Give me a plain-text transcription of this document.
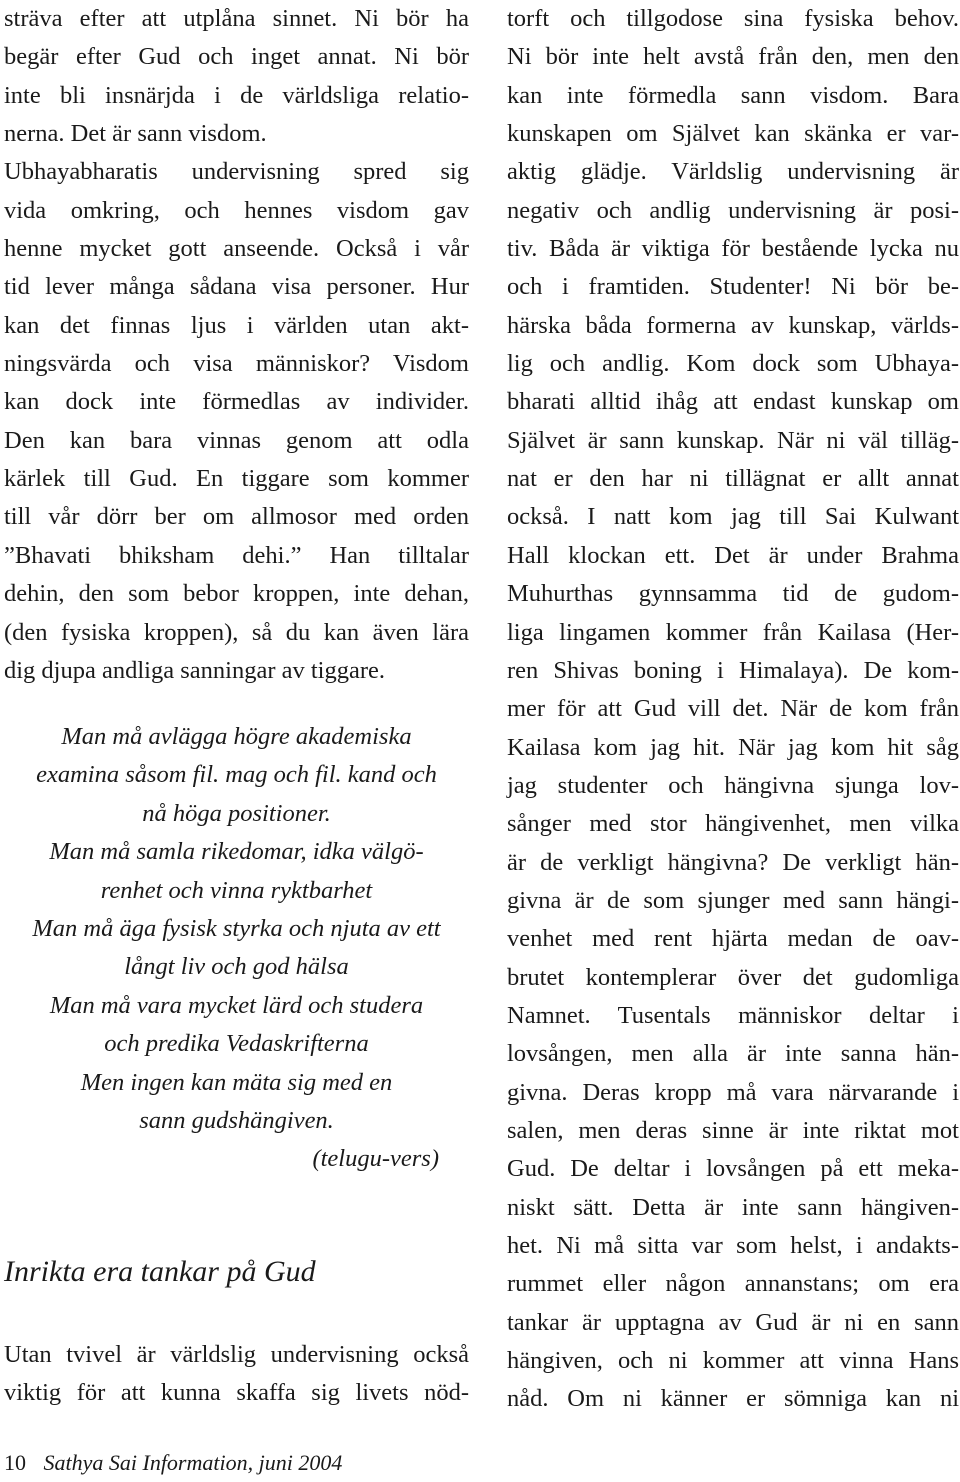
sträva efter att utplåna sinnet. Ni bör ha
begär efter Gud och inget annat. Ni bör
inte bli insnärjda i de världsliga relatio-
nerna. Det är sann visdom.
Ubhayabharatis undervisning spred sig
vida omkring, och hennes visdom gav
henne mycket gott anseende. Också i vår
tid lever många sådana visa personer. Hur
kan det finnas ljus i världen utan akt-
ningsvärda och visa människor? Visdom
kan dock inte förmedlas av individer.
Den kan bara vinnas genom att odla
kärlek till Gud. En tiggare som kommer
till vår dörr ber om allmosor med orden
”Bhavati bhiksham dehi.” Han tilltalar
dehin, den som bebor kroppen, inte dehan,
(den fysiska kroppen), så du kan även lära
dig djupa andliga sanningar av tiggare.
Man må avlägga högre akademiska
examina såsom fil. mag och fil. kand och
nå höga positioner.
Man må samla rikedomar, idka välgö-
renhet och vinna ryktbarhet
Man må äga fysisk styrka och njuta av ett
långt liv och god hälsa
Man må vara mycket lärd och studera
och predika Vedaskrifterna
Men ingen kan mäta sig med en
sann gudshängiven.
(telugu-vers)
Inrikta era tankar på Gud
Utan tvivel är världslig undervisning också
viktig för att kunna skaffa sig livets nöd-
torft och tillgodose sina fysiska behov.
Ni bör inte helt avstå från den, men den
kan inte förmedla sann visdom. Bara
kunskapen om Självet kan skänka er var-
aktig glädje. Världslig undervisning är
negativ och andlig undervisning är posi-
tiv. Båda är viktiga för bestående lycka nu
och i framtiden. Studenter! Ni bör be-
härska båda formerna av kunskap, världs-
lig och andlig. Kom dock som Ubhaya-
bharati alltid ihåg att endast kunskap om
Självet är sann kunskap. När ni väl tilläg-
nat er den har ni tillägnat er allt annat
också. I natt kom jag till Sai Kulwant
Hall klockan ett. Det är under Brahma
Muhurthas gynnsamma tid de gudom-
liga lingamen kommer från Kailasa (Her-
ren Shivas boning i Himalaya). De kom-
mer för att Gud vill det. När de kom från
Kailasa kom jag hit. När jag kom hit såg
jag studenter och hängivna sjunga lov-
sånger med stor hängivenhet, men vilka
är de verkligt hängivna? De verkligt hän-
givna är de som sjunger med sann hängi-
venhet med rent hjärta medan de oav-
brutet kontemplerar över det gudomliga
Namnet. Tusentals människor deltar i
lovsången, men alla är inte sanna hän-
givna. Deras kropp må vara närvarande i
salen, men deras sinne är inte riktat mot
Gud. De deltar i lovsången på ett meka-
niskt sätt. Detta är inte sann hängiven-
het. Ni må sitta var som helst, i andakts-
rummet eller någon annanstans; om era
tankar är upptagna av Gud är ni en sann
hängiven, och ni kommer att vinna Hans
nåd. Om ni känner er sömniga kan ni
10 Sathya Sai Information, juni 2004
